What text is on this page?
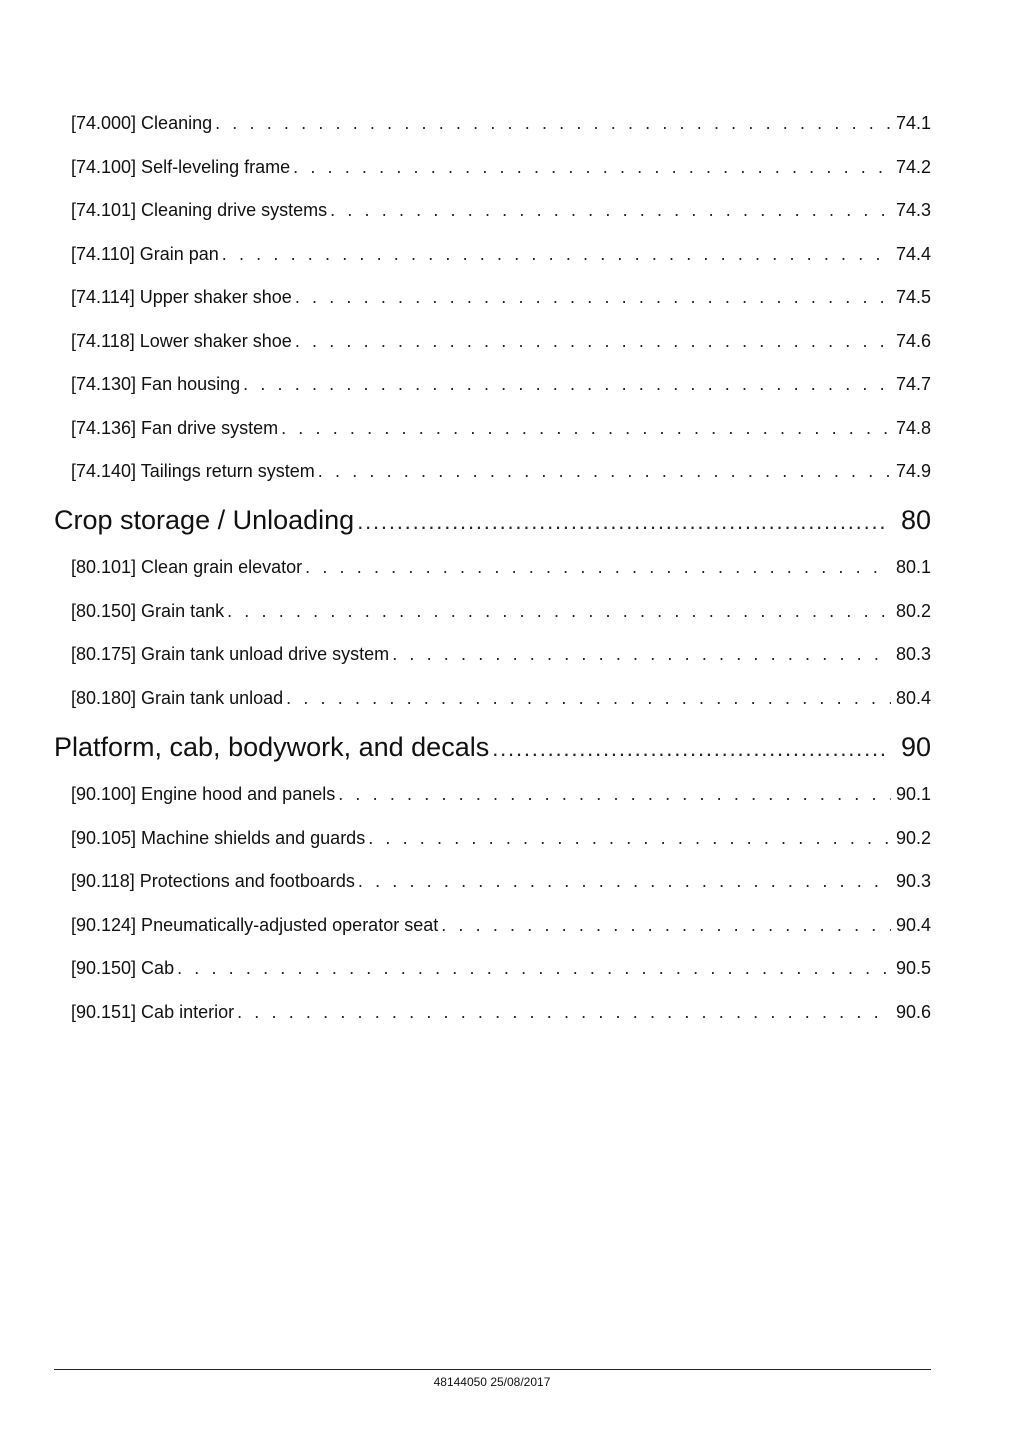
[74.000] Cleaning . . .	74.1
[74.100] Self-leveling frame . . .	74.2
[74.101] Cleaning drive systems . . .	74.3
[74.110] Grain pan . . .	74.4
[74.114] Upper shaker shoe . . .	74.5
[74.118] Lower shaker shoe . . .	74.6
[74.130] Fan housing . . .	74.7
[74.136] Fan drive system . . .	74.8
[74.140] Tailings return system . . .	74.9
Crop storage / Unloading .....	80
[80.101] Clean grain elevator . . .	80.1
[80.150] Grain tank . . .	80.2
[80.175] Grain tank unload drive system . . .	80.3
[80.180] Grain tank unload . . .	80.4
Platform, cab, bodywork, and decals .....	90
[90.100] Engine hood and panels . . .	90.1
[90.105] Machine shields and guards . . .	90.2
[90.118] Protections and footboards . . .	90.3
[90.124] Pneumatically-adjusted operator seat . . .	90.4
[90.150] Cab . . .	90.5
[90.151] Cab interior . . .	90.6
48144050 25/08/2017
